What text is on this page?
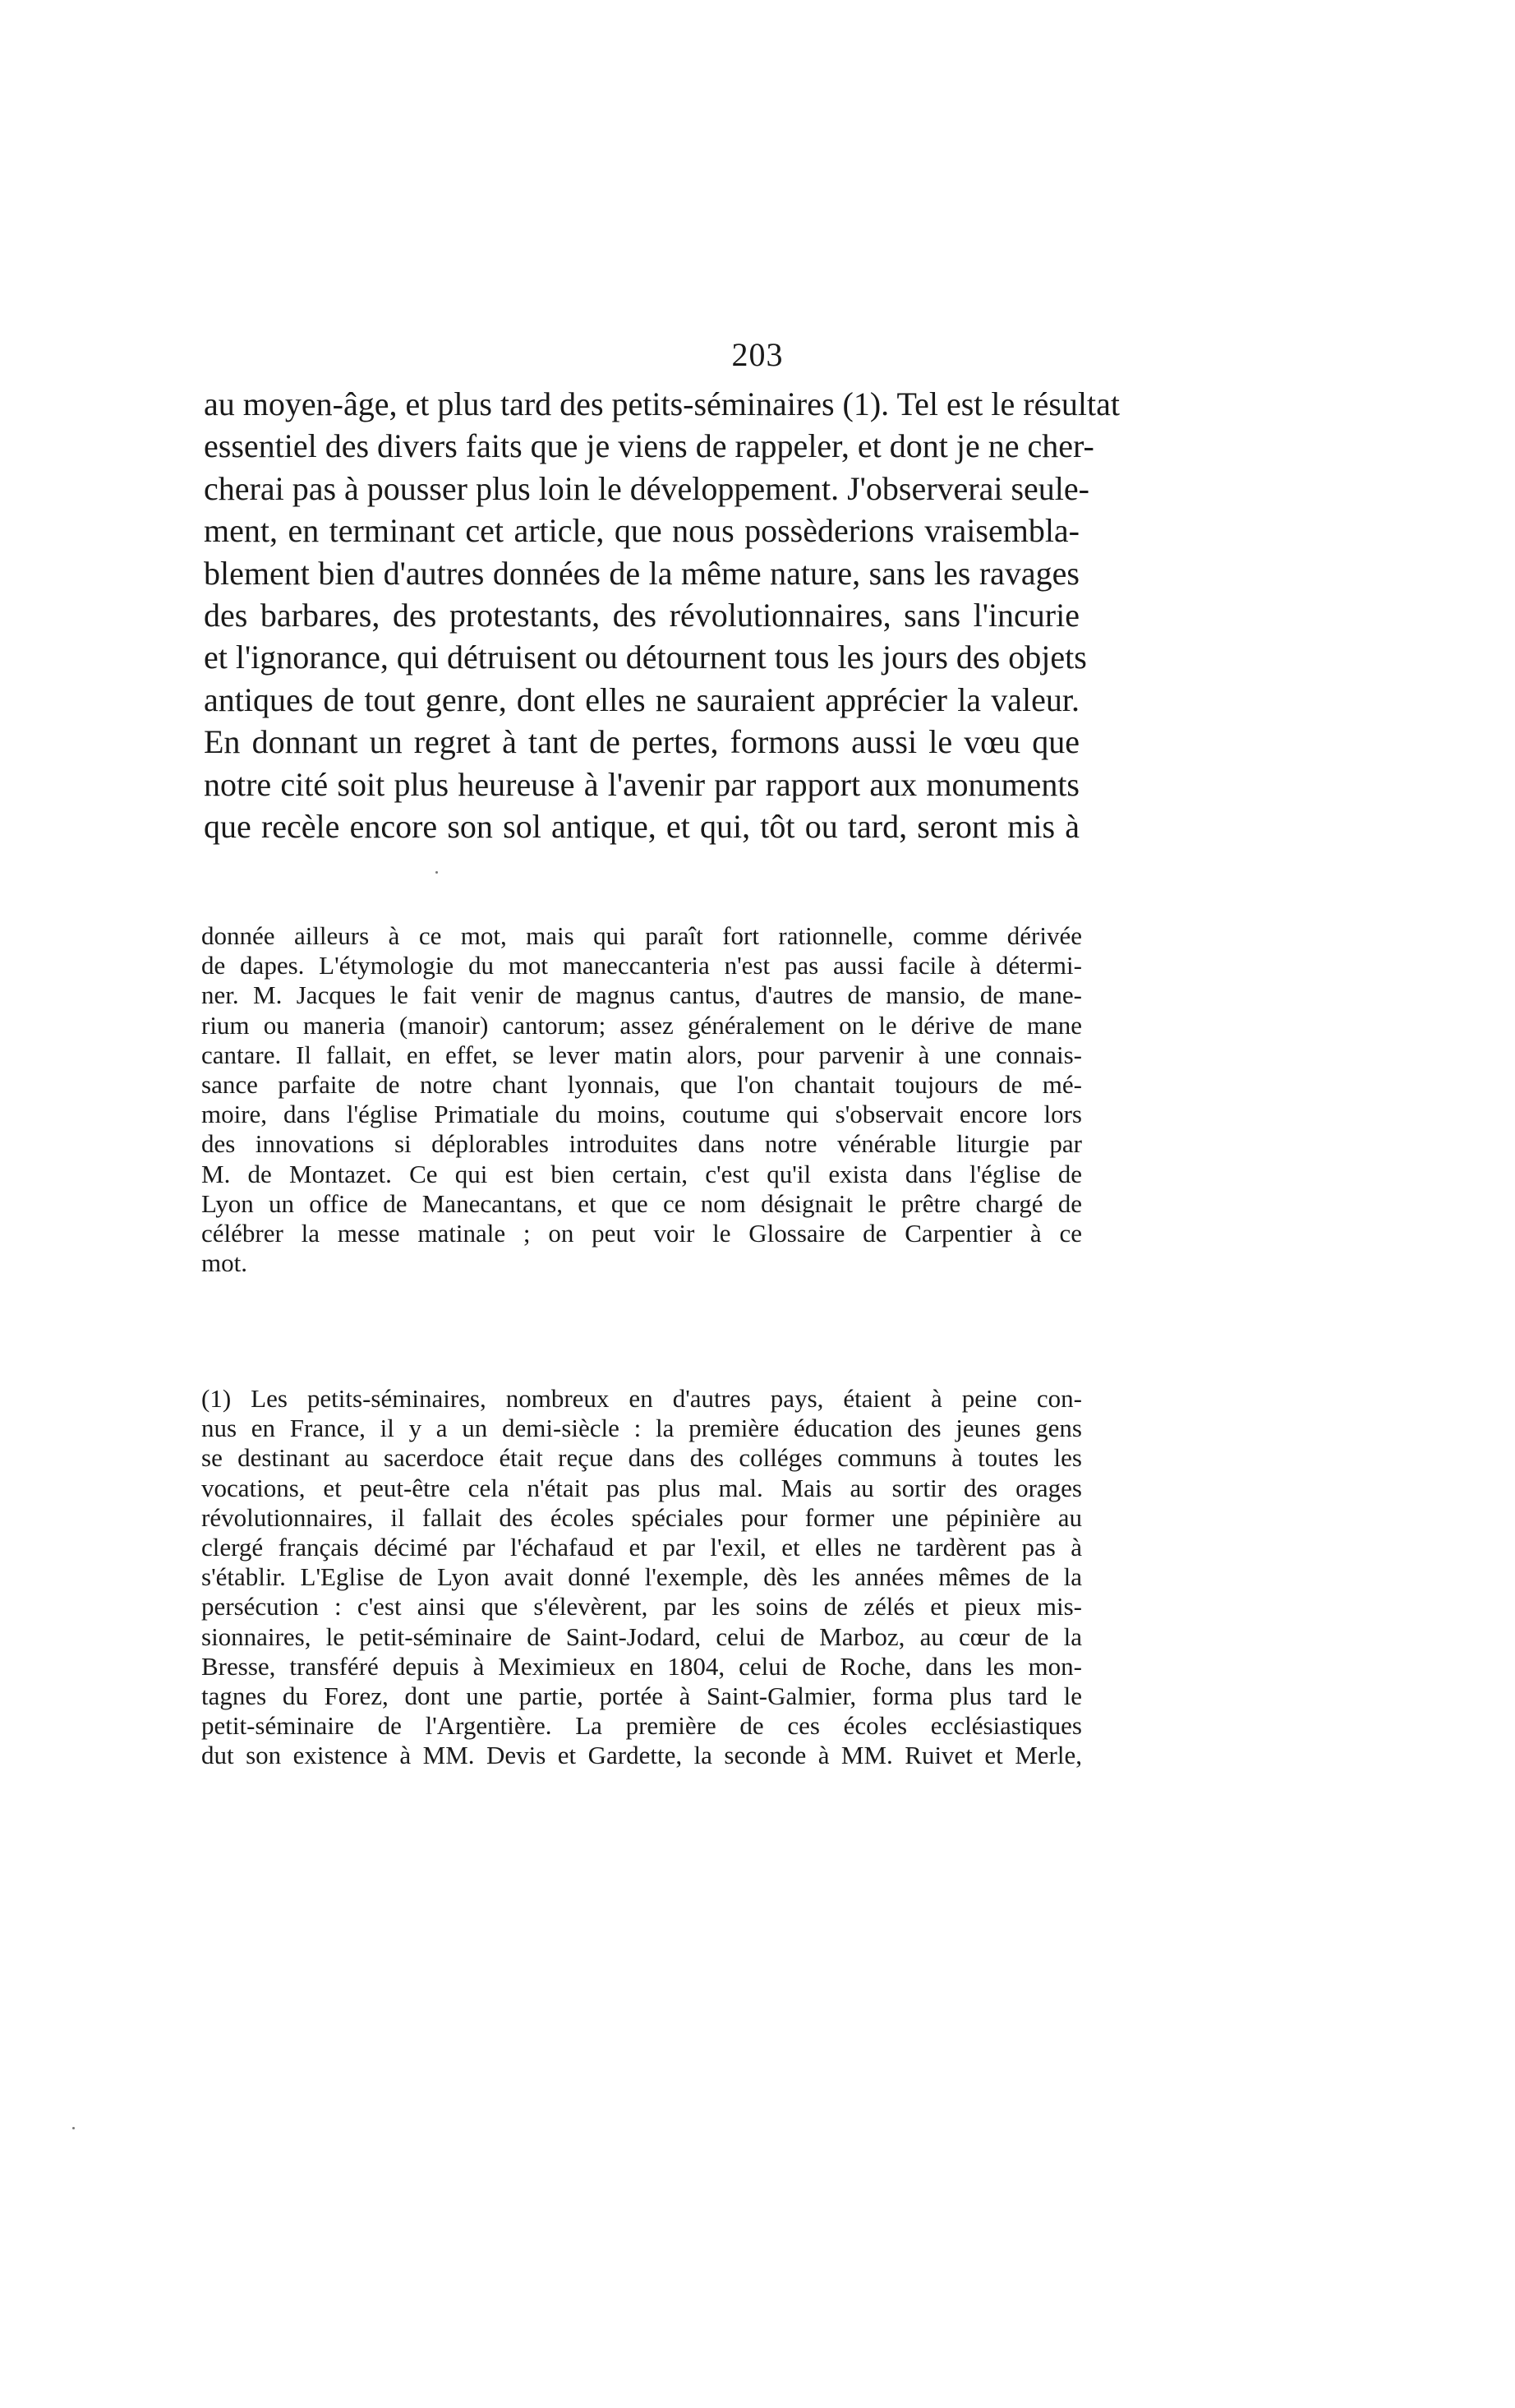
203
au moyen-âge, et plus tard des petits-séminaires (1). Tel est le résultat
essentiel des divers faits que je viens de rappeler, et dont je ne cher-
cherai pas à pousser plus loin le développement. J'observerai seule-
ment, en terminant cet article, que nous possèderions vraisembla-
blement bien d'autres données de la même nature, sans les ravages
des barbares, des protestants, des révolutionnaires, sans l'incurie
et l'ignorance, qui détruisent ou détournent tous les jours des objets
antiques de tout genre, dont elles ne sauraient apprécier la valeur.
En donnant un regret à tant de pertes, formons aussi le vœu que
notre cité soit plus heureuse à l'avenir par rapport aux monuments
que recèle encore son sol antique, et qui, tôt ou tard, seront mis à
donnée ailleurs à ce mot, mais qui paraît fort rationnelle, comme dérivée
de dapes. L'étymologie du mot maneccanteria n'est pas aussi facile à détermi-
ner. M. Jacques le fait venir de magnus cantus, d'autres de mansio, de mane-
rium ou maneria (manoir) cantorum; assez généralement on le dérive de mane
cantare. Il fallait, en effet, se lever matin alors, pour parvenir à une connais-
sance parfaite de notre chant lyonnais, que l'on chantait toujours de mé-
moire, dans l'église Primatiale du moins, coutume qui s'observait encore lors
des innovations si déplorables introduites dans notre vénérable liturgie par
M. de Montazet. Ce qui est bien certain, c'est qu'il exista dans l'église de
Lyon un office de Manecantans, et que ce nom désignait le prêtre chargé de
célébrer la messe matinale ; on peut voir le Glossaire de Carpentier à ce
mot.
(1) Les petits-séminaires, nombreux en d'autres pays, étaient à peine con-
nus en France, il y a un demi-siècle : la première éducation des jeunes gens
se destinant au sacerdoce était reçue dans des colléges communs à toutes les
vocations, et peut-être cela n'était pas plus mal. Mais au sortir des orages
révolutionnaires, il fallait des écoles spéciales pour former une pépinière au
clergé français décimé par l'échafaud et par l'exil, et elles ne tardèrent pas à
s'établir. L'Eglise de Lyon avait donné l'exemple, dès les années mêmes de la
persécution : c'est ainsi que s'élevèrent, par les soins de zélés et pieux mis-
sionnaires, le petit-séminaire de Saint-Jodard, celui de Marboz, au cœur de la
Bresse, transféré depuis à Meximieux en 1804, celui de Roche, dans les mon-
tagnes du Forez, dont une partie, portée à Saint-Galmier, forma plus tard le
petit-séminaire de l'Argentière. La première de ces écoles ecclésiastiques
dut son existence à MM. Devis et Gardette, la seconde à MM. Ruivet et Merle,
